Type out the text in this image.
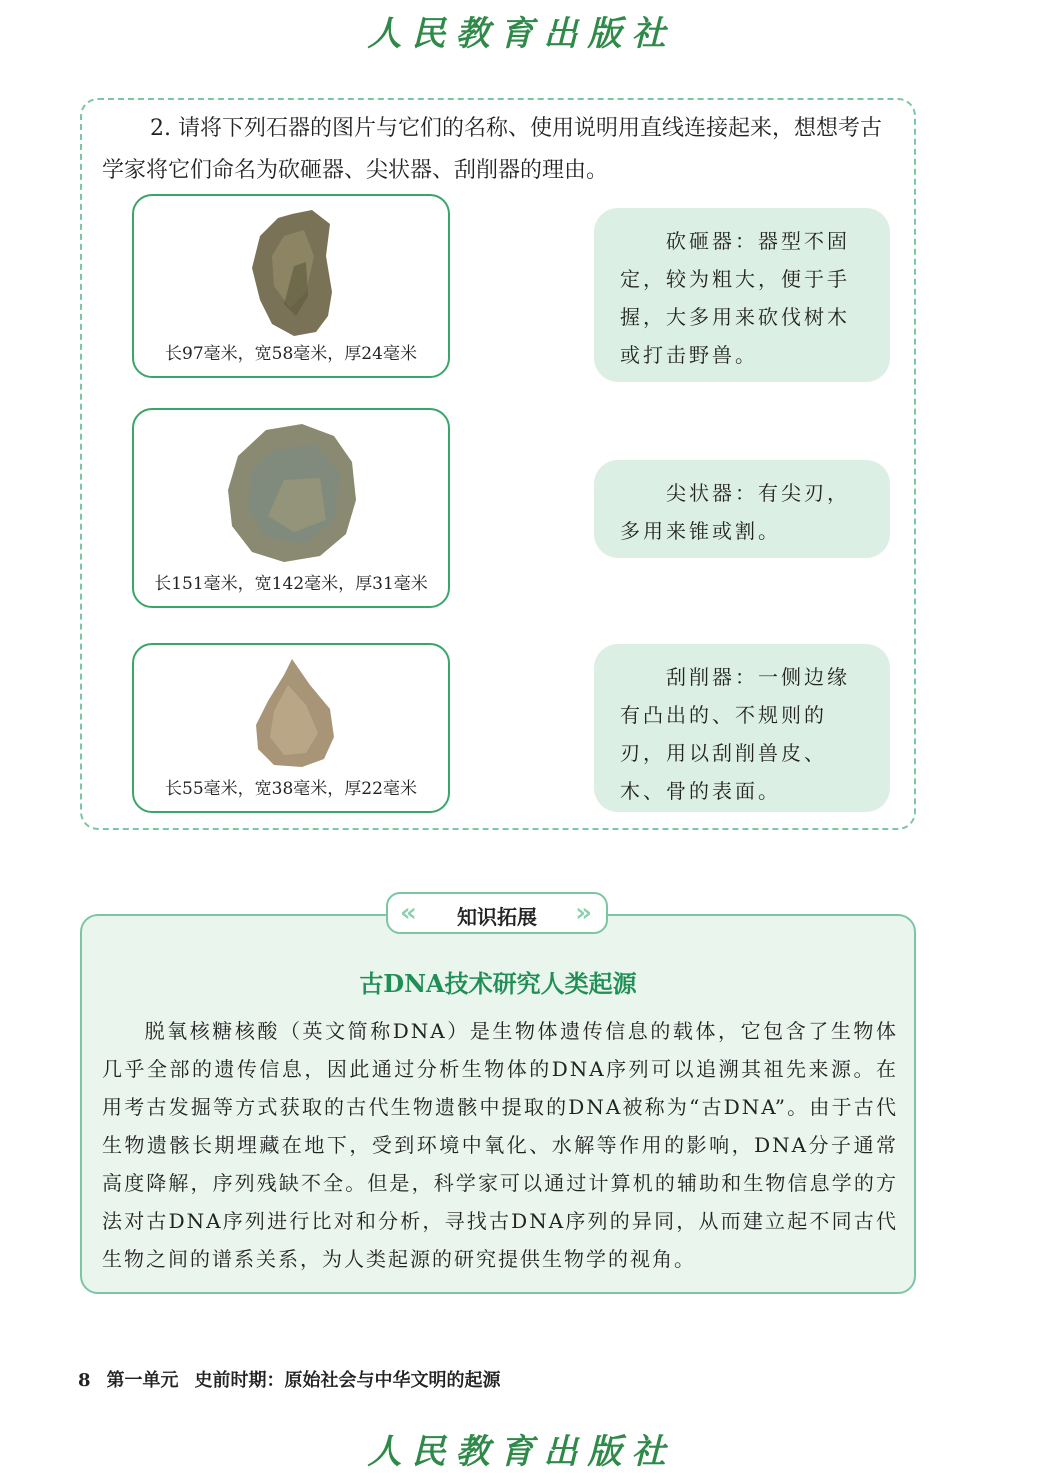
人民教育出版社
2. 请将下列石器的图片与它们的名称、使用说明用直线连接起来，想想考古学家将它们命名为砍砸器、尖状器、刮削器的理由。
长97毫米，宽58毫米，厚24毫米
长151毫米，宽142毫米，厚31毫米
长55毫米，宽38毫米，厚22毫米
砍砸器：器型不固定，较为粗大，便于手握，大多用来砍伐树木或打击野兽。
尖状器：有尖刃，多用来锥或割。
刮削器：一侧边缘有凸出的、不规则的刃，用以刮削兽皮、木、骨的表面。
«	知识拓展	»
古DNA技术研究人类起源
脱氧核糖核酸（英文简称DNA）是生物体遗传信息的载体，它包含了生物体几乎全部的遗传信息，因此通过分析生物体的DNA序列可以追溯其祖先来源。在用考古发掘等方式获取的古代生物遗骸中提取的DNA被称为“古DNA”。由于古代生物遗骸长期埋藏在地下，受到环境中氧化、水解等作用的影响，DNA分子通常高度降解，序列残缺不全。但是，科学家可以通过计算机的辅助和生物信息学的方法对古DNA序列进行比对和分析，寻找古DNA序列的异同，从而建立起不同古代生物之间的谱系关系，为人类起源的研究提供生物学的视角。
8 第一单元 史前时期：原始社会与中华文明的起源
人民教育出版社
